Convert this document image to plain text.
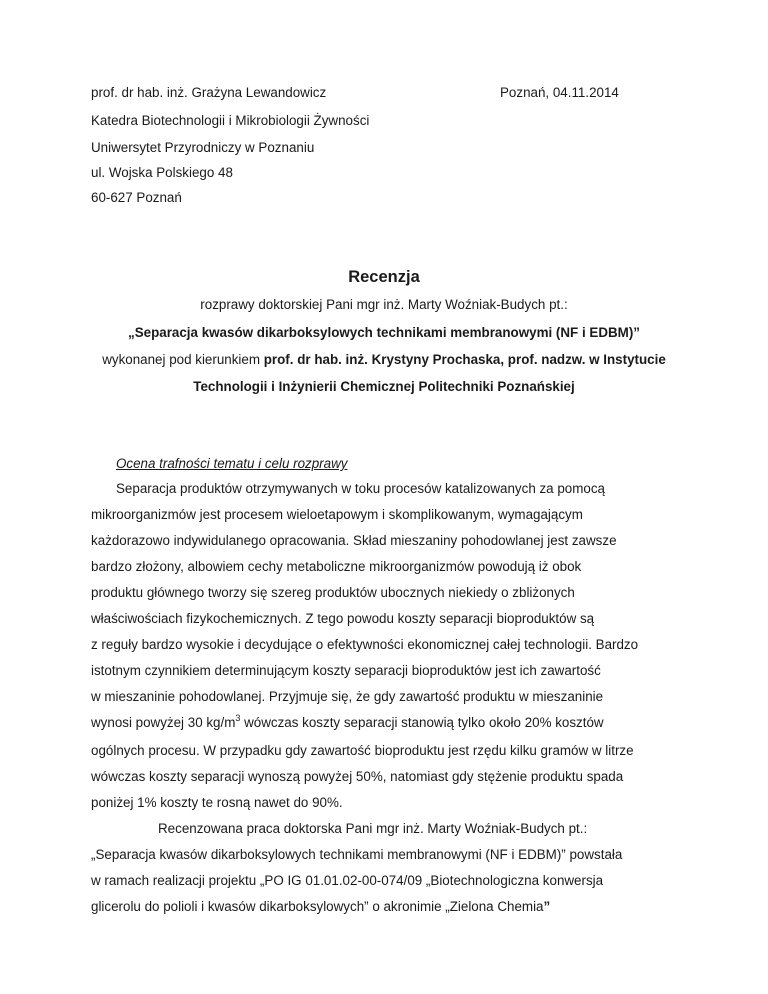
prof. dr hab. inż. Grażyna Lewandowicz	Poznań, 04.11.2014
Katedra Biotechnologii i Mikrobiologii Żywności
Uniwersytet Przyrodniczy w Poznaniu
ul. Wojska Polskiego 48
60-627 Poznań
Recenzja
rozprawy doktorskiej Pani mgr inż. Marty Woźniak-Budych pt.:
„Separacja kwasów dikarboksylowych technikami membranowymi (NF i EDBM)”
wykonanej pod kierunkiem prof. dr hab. inż. Krystyny Prochaska, prof. nadzw. w Instytucie
Technologii i Inżynierii Chemicznej Politechniki Poznańskiej
Ocena trafności tematu i celu rozprawy
Separacja produktów otrzymywanych w toku procesów katalizowanych za pomocą
mikroorganizmów jest procesem wieloetapowym i skomplikowanym, wymagającym
każdorazowo indywidulanego opracowania. Skład mieszaniny pohodowlanej jest zawsze
bardzo złożony, albowiem cechy metaboliczne mikroorganizmów powodują iż obok
produktu głównego tworzy się szereg produktów ubocznych niekiedy o zbliżonych
właściwościach fizykochemicznych. Z tego powodu koszty separacji bioproduktów są
z reguły bardzo wysokie i decydujące o efektywności ekonomicznej całej technologii. Bardzo
istotnym czynnikiem determinującym koszty separacji bioproduktów jest ich zawartość
w mieszaninie pohodowlanej. Przyjmuje się, że gdy zawartość produktu w mieszaninie
wynosi powyżej 30 $kg/m^3$ wówczas koszty separacji stanowią tylko około 20% kosztów
ogólnych procesu. W przypadku gdy zawartość bioproduktu jest rzędu kilku gramów w litrze
wówczas koszty separacji wynoszą powyżej 50%, natomiast gdy stężenie produktu spada
poniżej 1% koszty te rosną nawet do 90%.
Recenzowana praca doktorska Pani mgr inż. Marty Woźniak-Budych pt.:
„Separacja kwasów dikarboksylowych technikami membranowymi (NF i EDBM)” powstała
w ramach realizacji projektu „PO IG 01.01.02-00-074/09 „Biotechnologiczna konwersja
glicerolu do polioli i kwasów dikarboksylowych” o akronimie „Zielona Chemia”
